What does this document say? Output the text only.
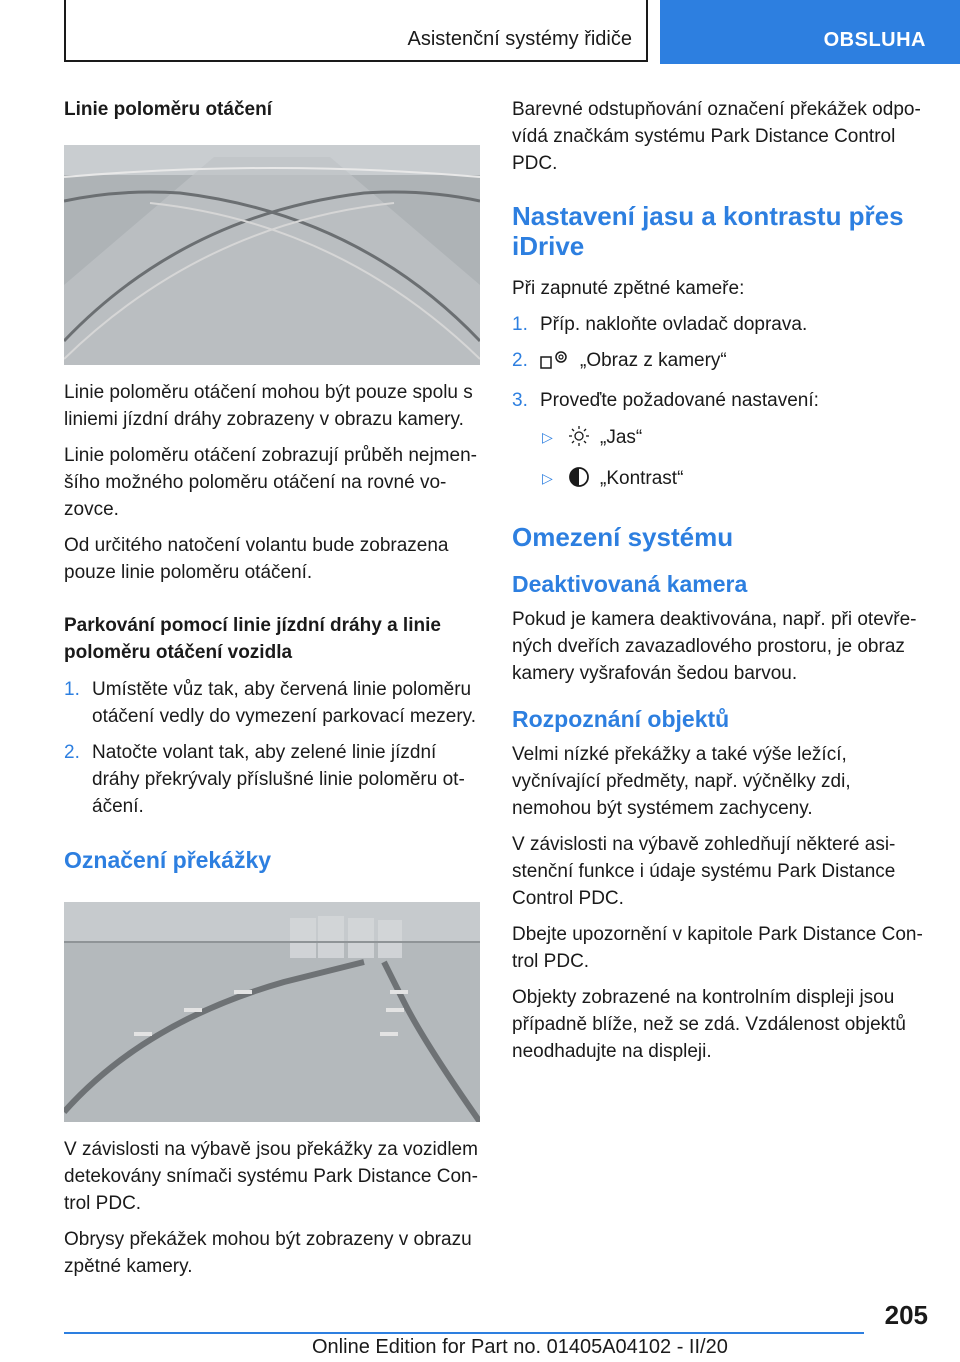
Asistenční systémy řidiče	OBSLUHA
Linie poloměru otáčení

Linie poloměru otáčení mohou být pouze spolu s liniemi jízdní dráhy zobrazeny v obrazu kamery.

Linie poloměru otáčení zobrazují průběh nejmenšího možného poloměru otáčení na rovné vozovce.

Od určitého natočení volantu bude zobrazena pouze linie poloměru otáčení.

Parkování pomocí linie jízdní dráhy a linie poloměru otáčení vozidla
1. Umístěte vůz tak, aby červená linie poloměru otáčení vedly do vymezení parkovací mezery.
2. Natočte volant tak, aby zelené linie jízdní dráhy překrývaly příslušné linie poloměru otáčení.
Označení překážky

V závislosti na výbavě jsou překážky za vozidlem detekovány snímači systému Park Distance Control PDC.

Obrysy překážek mohou být zobrazeny v obrazu zpětné kamery.

Barevné odstupňování označení překážek odpovídá značkám systému Park Distance Control PDC.

Nastavení jasu a kontrastu přes iDrive

Při zapnuté zpětné kameře:

1. Příp. nakloňte ovladač doprava.
2.	„Obraz z kamery“
3. Proveďte požadované nastavení:
▷ „Jas“
▷ „Kontrast“
Omezení systému
Deaktivovaná kamera

Pokud je kamera deaktivována, např. při otevřených dveřích zavazadlového prostoru, je obraz kamery vyšrafován šedou barvou.

Rozpoznání objektů

Velmi nízké překážky a také výše ležící, vyčnívající předměty, např. výčnělky zdi, nemohou být systémem zachyceny.

V závislosti na výbavě zohledňují některé asistenční funkce i údaje systému Park Distance Control PDC.

Dbejte upozornění v kapitole Park Distance Control PDC.

Objekty zobrazené na kontrolním displeji jsou případně blíže, než se zdá. Vzdálenost objektů neodhadujte na displeji.

205
Online Edition for Part no. 01405A04102 - II/20
